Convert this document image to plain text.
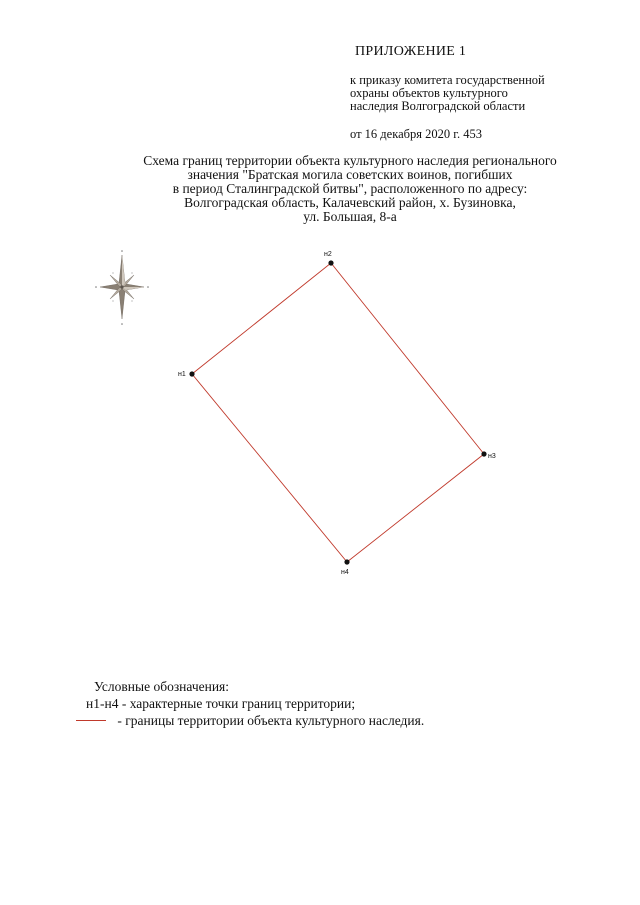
ПРИЛОЖЕНИЕ 1
к приказу комитета государственной
охраны объектов культурного
наследия Волгоградской области
от 16 декабря 2020 г. 453
Схема границ территории объекта культурного наследия регионального
значения "Братская могила советских воинов, погибших
в период Сталинградской битвы", расположенного по адресу:
Волгоградская область, Калачевский район, х. Бузиновка,
ул. Большая, 8-а
н1
н2
н3
н4
Условные обозначения:
н1-н4 - характерные точки границ территории;
- границы территории объекта культурного наследия.
